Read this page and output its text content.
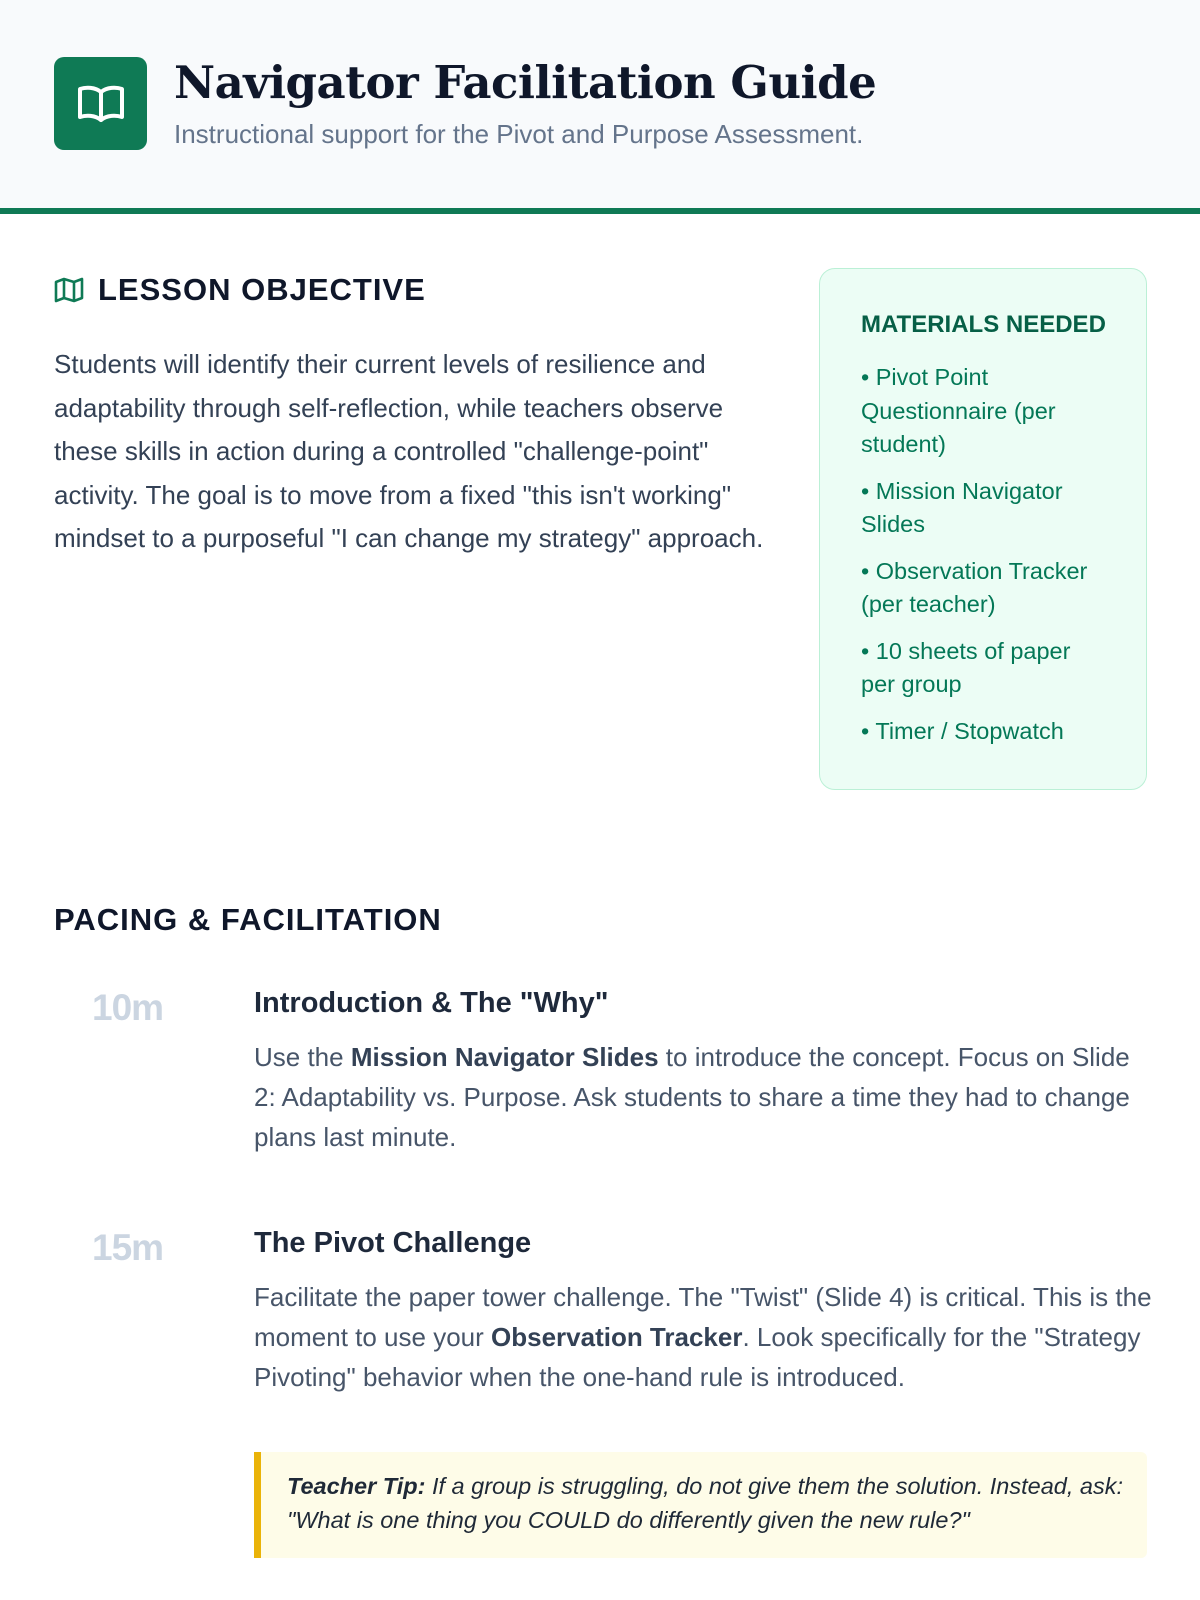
Navigator Facilitation Guide

Instructional support for the Pivot and Purpose Assessment.

LESSON OBJECTIVE

Students will identify their current levels of resilience and adaptability through self-reflection, while teachers observe these skills in action during a controlled "challenge-point" activity. The goal is to move from a fixed "this isn't working" mindset to a purposeful "I can change my strategy" approach.

MATERIALS NEEDED
• Pivot Point Questionnaire (per student)
• Mission Navigator Slides
• Observation Tracker (per teacher)
• 10 sheets of paper per group
• Timer / Stopwatch
PACING & FACILITATION
10m	Introduction & The "Why"

Use the Mission Navigator Slides to introduce the concept. Focus on Slide 2: Adaptability vs. Purpose. Ask students to share a time they had to change plans last minute.

15m	The Pivot Challenge

Facilitate the paper tower challenge. The "Twist" (Slide 4) is critical. This is the moment to use your Observation Tracker. Look specifically for the "Strategy Pivoting" behavior when the one-hand rule is introduced.

Teacher Tip: If a group is struggling, do not give them the solution. Instead, ask: "What is one thing you COULD do differently given the new rule?"
